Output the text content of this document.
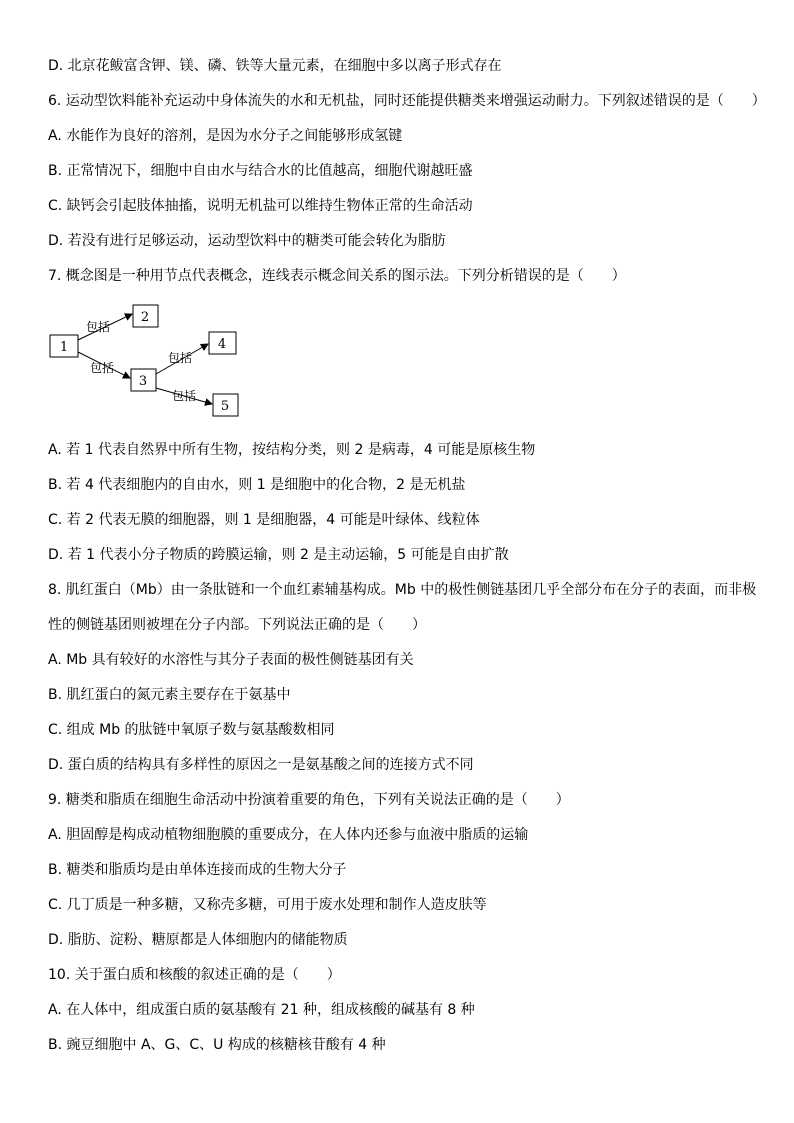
D. 北京花鲅富含钾、镁、磷、铁等大量元素，在细胞中多以离子形式存在
6. 运动型饮料能补充运动中身体流失的水和无机盐，同时还能提供糖类来增强运动耐力。下列叙述错误的是（　　）
A. 水能作为良好的溶剂，是因为水分子之间能够形成氢键
B. 正常情况下，细胞中自由水与结合水的比值越高，细胞代谢越旺盛
C. 缺钙会引起肢体抽搐，说明无机盐可以维持生物体正常的生命活动
D. 若没有进行足够运动，运动型饮料中的糖类可能会转化为脂肪
7. 概念图是一种用节点代表概念，连线表示概念间关系的图示法。下列分析错误的是（　　）
1
2
3
4
5
包括
包括
包括
包括
A. 若 1 代表自然界中所有生物，按结构分类，则 2 是病毒，4 可能是原核生物
B. 若 4 代表细胞内的自由水，则 1 是细胞中的化合物，2 是无机盐
C. 若 2 代表无膜的细胞器，则 1 是细胞器，4 可能是叶绿体、线粒体
D. 若 1 代表小分子物质的跨膜运输，则 2 是主动运输，5 可能是自由扩散
8. 肌红蛋白（Mb）由一条肽链和一个血红素辅基构成。Mb 中的极性侧链基团几乎全部分布在分子的表面，而非极
性的侧链基团则被埋在分子内部。下列说法正确的是（　　）
A. Mb 具有较好的水溶性与其分子表面的极性侧链基团有关
B. 肌红蛋白的氮元素主要存在于氨基中
C. 组成 Mb 的肽链中氧原子数与氨基酸数相同
D. 蛋白质的结构具有多样性的原因之一是氨基酸之间的连接方式不同
9. 糖类和脂质在细胞生命活动中扮演着重要的角色，下列有关说法正确的是（　　）
A. 胆固醇是构成动植物细胞膜的重要成分，在人体内还参与血液中脂质的运输
B. 糖类和脂质均是由单体连接而成的生物大分子
C. 几丁质是一种多糖，又称壳多糖，可用于废水处理和制作人造皮肤等
D. 脂肪、淀粉、糖原都是人体细胞内的储能物质
10. 关于蛋白质和核酸的叙述正确的是（　　）
A. 在人体中，组成蛋白质的氨基酸有 21 种，组成核酸的碱基有 8 种
B. 豌豆细胞中 A、G、C、U 构成的核糖核苷酸有 4 种
